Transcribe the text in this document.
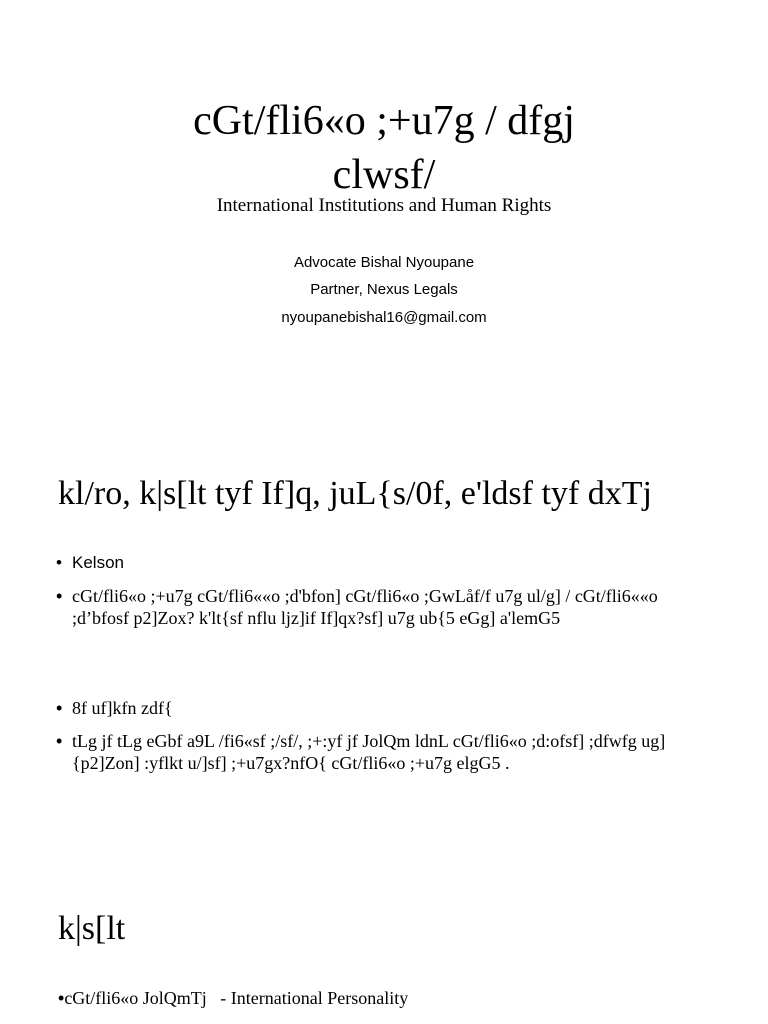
cGt/fli6«o ;+u7g / dfgj
clwsf/
International Institutions and Human Rights
Advocate Bishal Nyoupane
Partner, Nexus Legals
nyoupanebishal16@gmail.com
kl/ro, k|s[lt tyf If]q, juL{s/0f, e'ldsf tyf dxTj
• Kelson
• cGt/fli6«o ;+u7g cGt/fli6««o ;d'bfon] cGt/fli6«o ;GwLåf/f u7g ul/g] / cGt/fli6««o ;d’bfosf p2]Zox? k'lt{sf nflu ljz]if If]qx?sf] u7g ub{5 eGg] a'lemG5
• 8f uf]kfn zdf{
• tLg jf tLg eGbf a9L /fi6«sf ;/sf/, ;+:yf jf JolQm ldnL cGt/fli6«o ;d:ofsf] ;dfwfg ug]{p2]Zon] :yflkt u/]sf] ;+u7gx?nfO{ cGt/fli6«o ;+u7g elgG5 .
k|s[lt
•cGt/fli6«o JolQmTj   - International Personality
